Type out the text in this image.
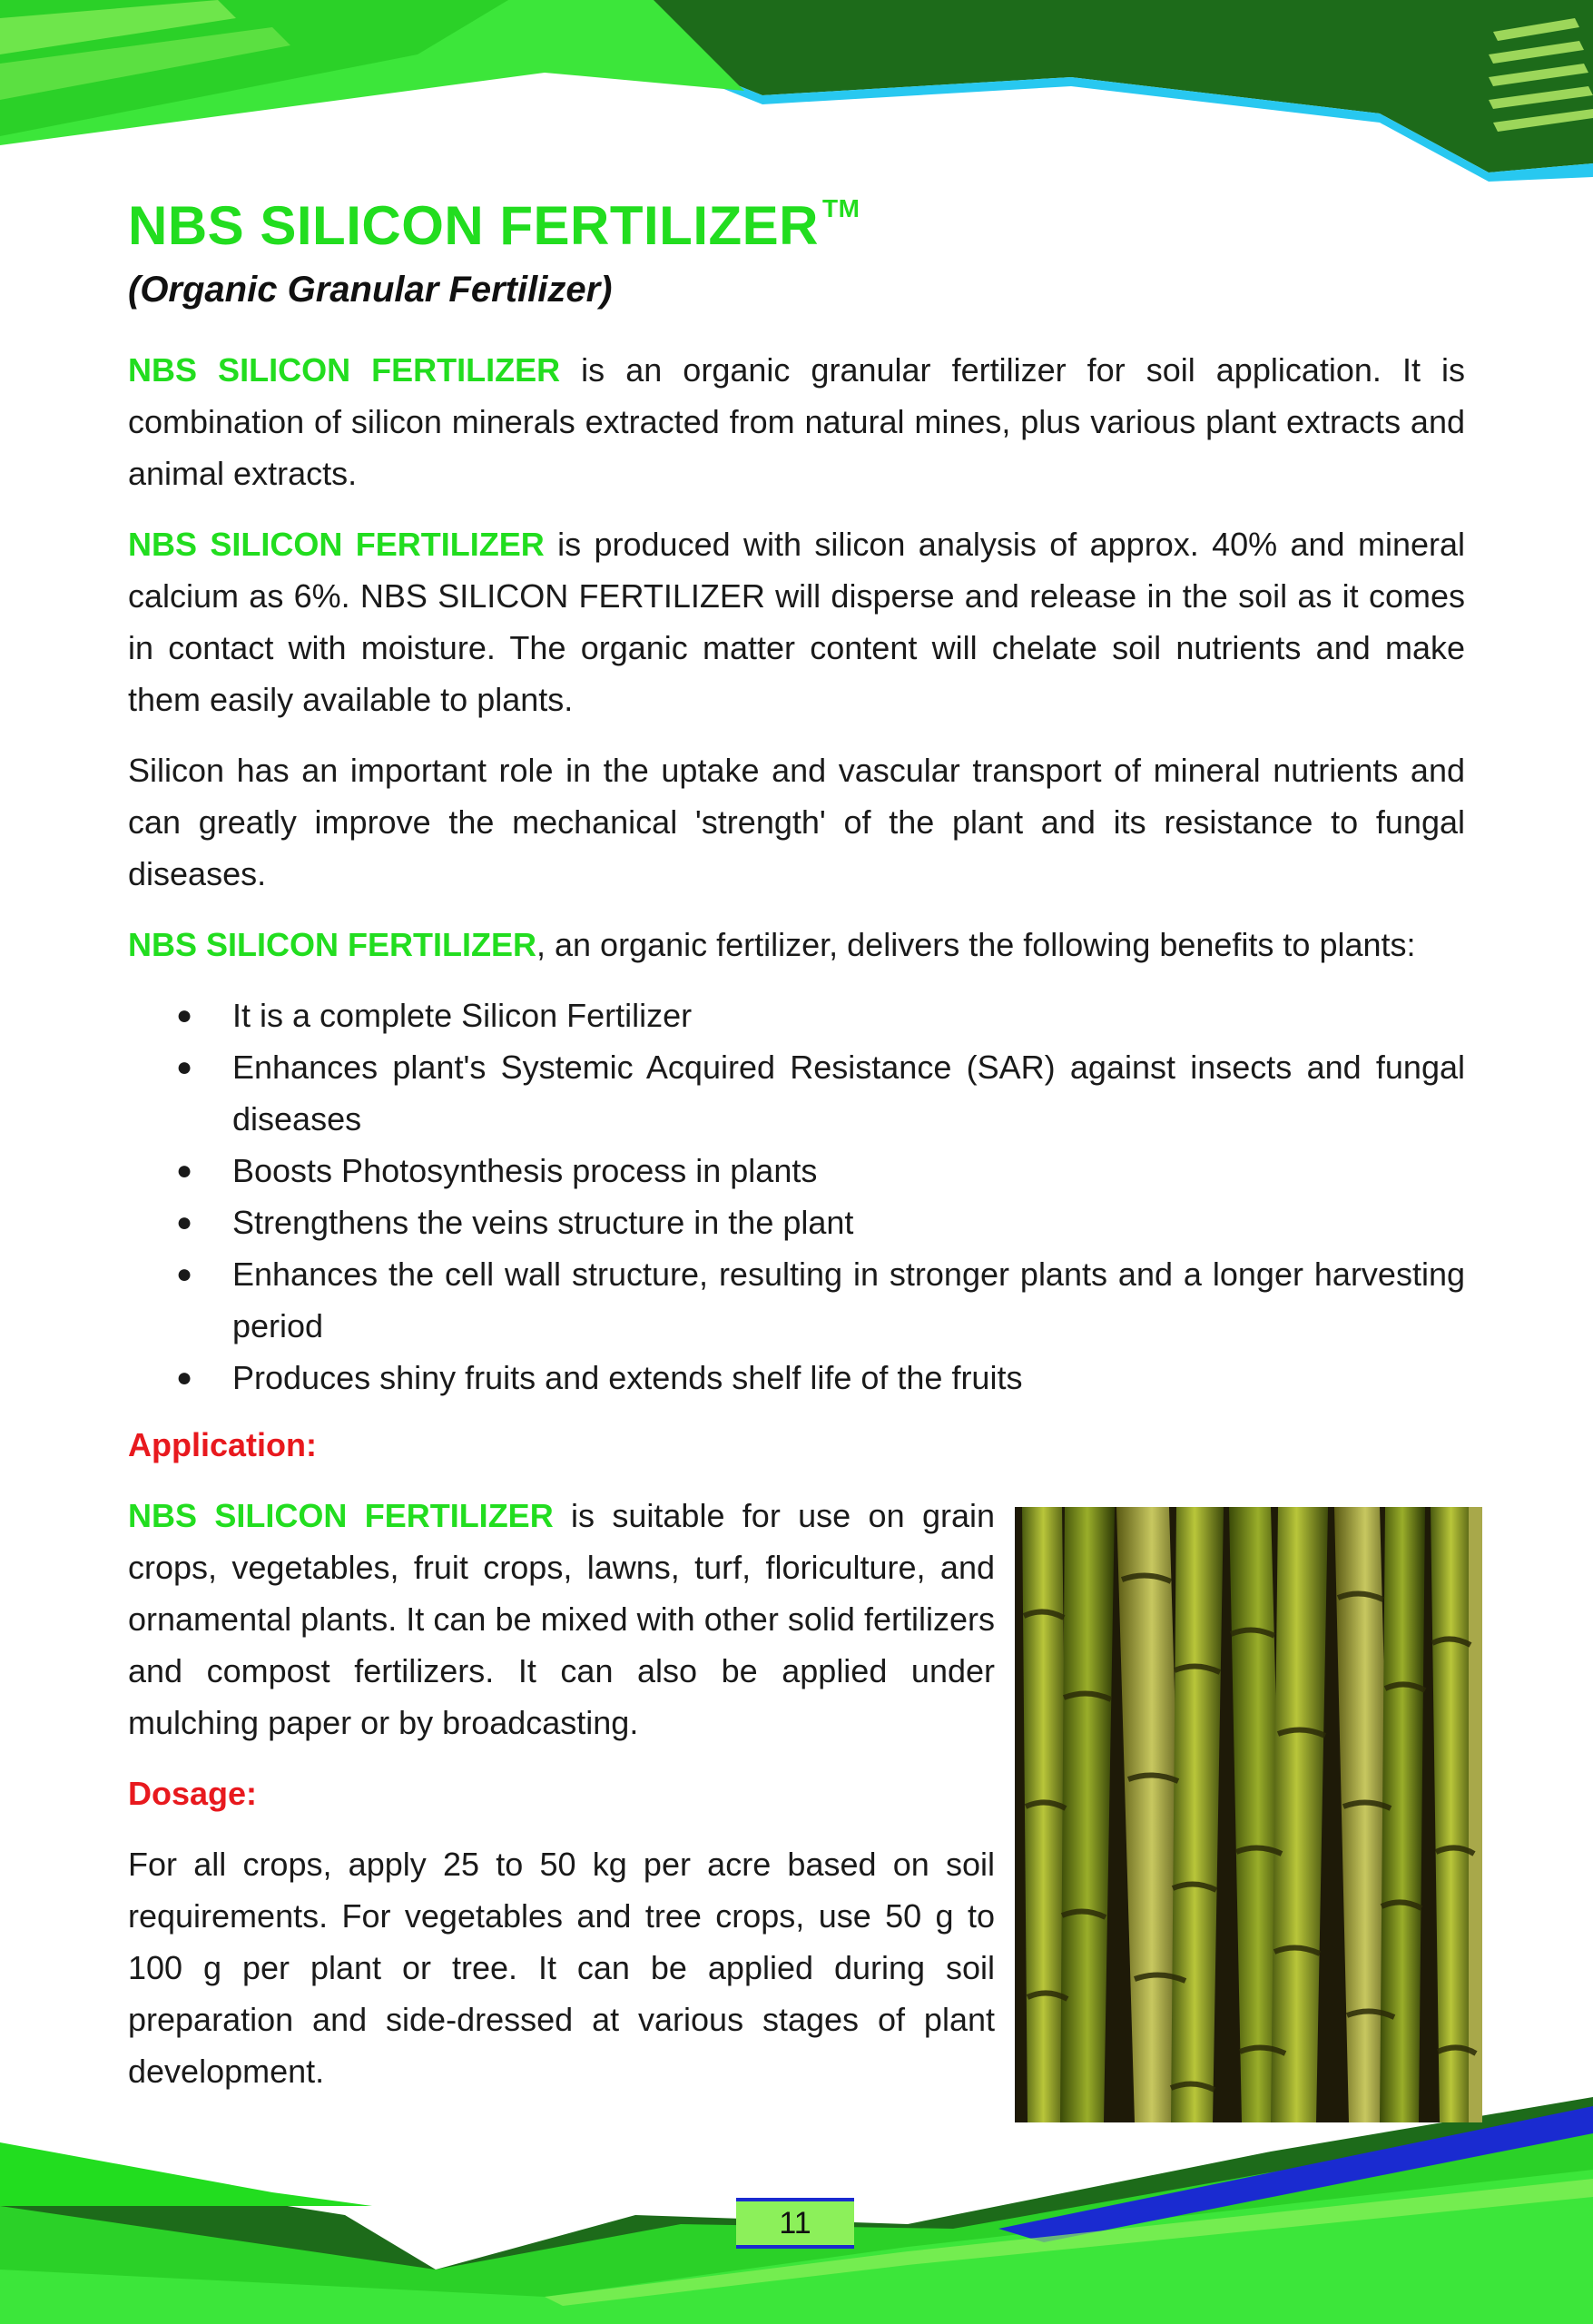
NBS SILICON FERTILIZER ™
(Organic Granular Fertilizer)

NBS SILICON FERTILIZER is an organic granular fertilizer for soil application. It is combination of silicon minerals extracted from natural mines, plus various plant extracts and animal extracts.

NBS SILICON FERTILIZER is produced with silicon analysis of approx. 40% and mineral calcium as 6%. NBS SILICON FERTILIZER will disperse and release in the soil as it comes in contact with moisture. The organic matter content will chelate soil nutrients and make them easily available to plants.

Silicon has an important role in the uptake and vascular transport of mineral nutrients and can greatly improve the mechanical 'strength' of the plant and its resistance to fungal diseases.

NBS SILICON FERTILIZER, an organic fertilizer, delivers the following benefits to plants:

● It is a complete Silicon Fertilizer
● Enhances plant's Systemic Acquired Resistance (SAR) against insects and fungal diseases
● Boosts Photosynthesis process in plants
● Strengthens the veins structure in the plant
● Enhances the cell wall structure, resulting in stronger plants and a longer harvesting period
● Produces shiny fruits and extends shelf life of the fruits
Application:

NBS SILICON FERTILIZER is suitable for use on grain crops, vegetables, fruit crops, lawns, turf, floriculture, and ornamental plants. It can be mixed with other solid fertilizers and compost fertilizers. It can also be applied under mulching paper or by broadcasting.

Dosage:

For all crops, apply 25 to 50 kg per acre based on soil requirements. For vegetables and tree crops, use 50 g to 100 g per plant or tree. It can be applied during soil preparation and side-dressed at various stages of plant development.

11
